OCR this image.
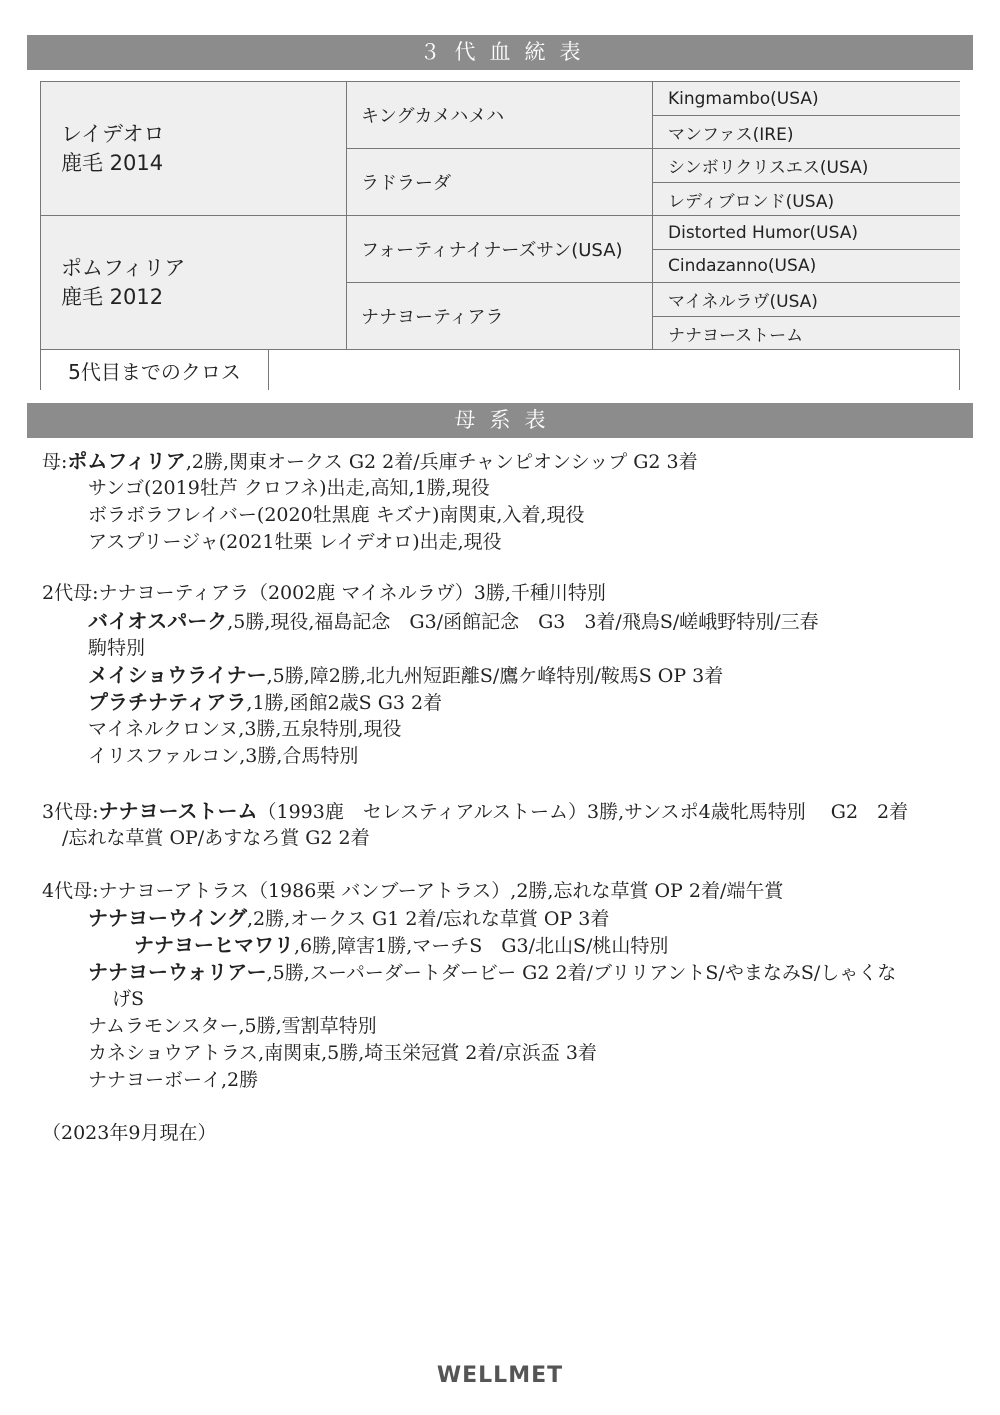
３代血統表
レイデオロ
鹿毛 2014
ポムフィリア
鹿毛 2012
キングカメハメハ
ラドラーダ
フォーティナイナーズサン(USA)
ナナヨーティアラ
Kingmambo(USA)
マンファス(IRE)
シンボリクリスエス(USA)
レディブロンド(USA)
Distorted Humor(USA)
Cindazanno(USA)
マイネルラヴ(USA)
ナナヨーストーム
5代目までのクロス
母系表
母:ポムフィリア,2勝,関東オークス G2 2着/兵庫チャンピオンシップ G2 3着
サンゴ(2019牡芦 クロフネ)出走,高知,1勝,現役
ボラボラフレイバー(2020牡黒鹿 キズナ)南関東,入着,現役
アスプリージャ(2021牡栗 レイデオロ)出走,現役
2代母:ナナヨーティアラ（2002鹿 マイネルラヴ）3勝,千種川特別
バイオスパーク,5勝,現役,福島記念　G3/函館記念　G3　3着/飛鳥S/嵯峨野特別/三春
駒特別
メイショウライナー,5勝,障2勝,北九州短距離S/鷹ケ峰特別/鞍馬S OP 3着
プラチナティアラ,1勝,函館2歳S G3 2着
マイネルクロンヌ,3勝,五泉特別,現役
イリスファルコン,3勝,合馬特別
3代母:ナナヨーストーム（1993鹿　セレスティアルストーム）3勝,サンスポ4歳牝馬特別　 G2　2着
/忘れな草賞 OP/あすなろ賞 G2 2着
4代母:ナナヨーアトラス（1986栗 バンブーアトラス）,2勝,忘れな草賞 OP 2着/端午賞
ナナヨーウイング,2勝,オークス G1 2着/忘れな草賞 OP 3着
ナナヨーヒマワリ,6勝,障害1勝,マーチS　G3/北山S/桃山特別
ナナヨーウォリアー,5勝,スーパーダートダービー G2 2着/ブリリアントS/やまなみS/しゃくな
げS
ナムラモンスター,5勝,雪割草特別
カネショウアトラス,南関東,5勝,埼玉栄冠賞 2着/京浜盃 3着
ナナヨーボーイ,2勝
（2023年9月現在）
WELLMET
